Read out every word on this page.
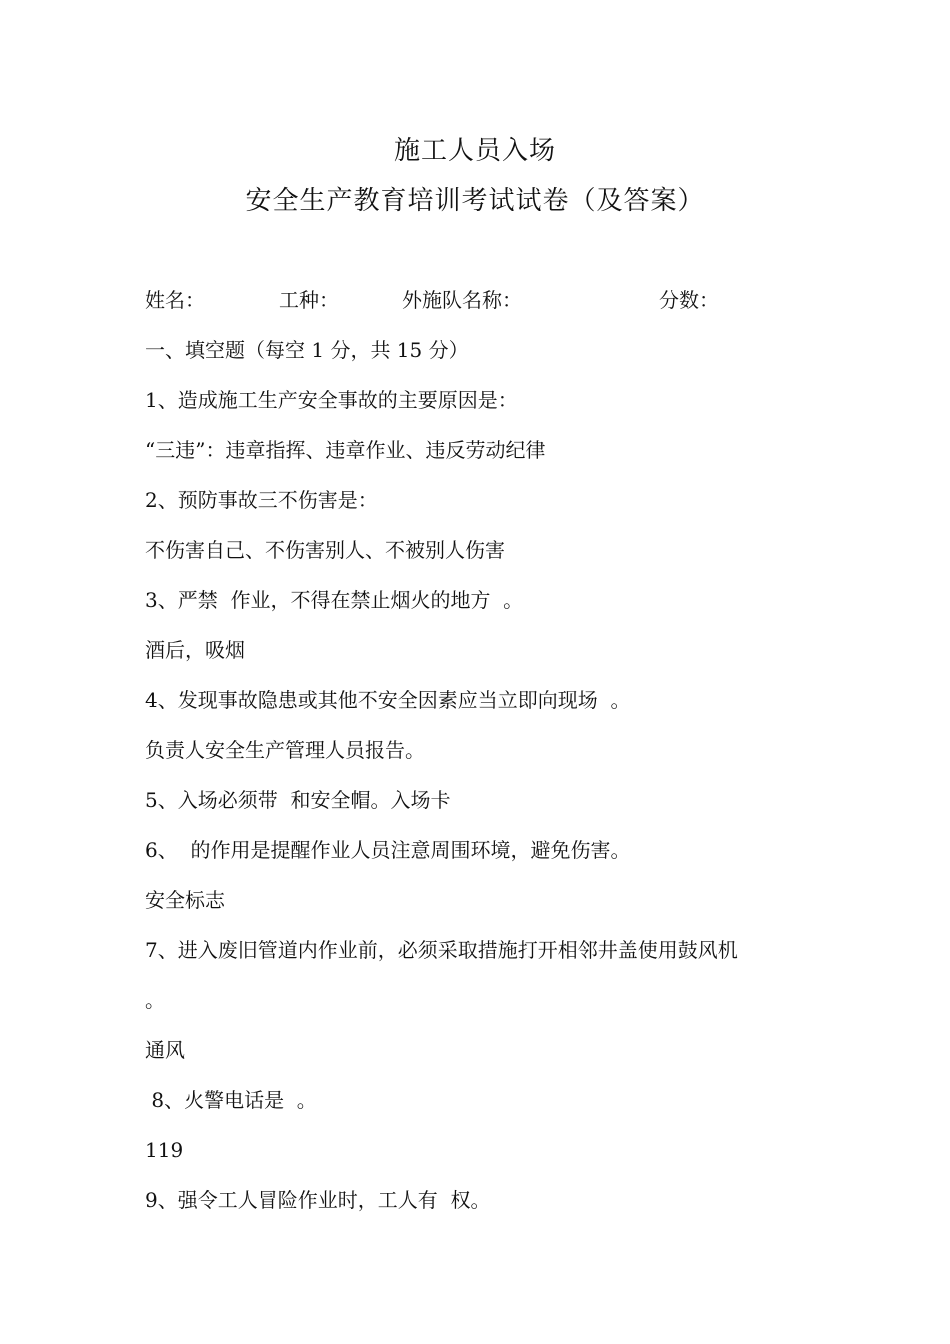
施工人员入场
安全生产教育培训考试试卷（及答案）
姓名：	工种：	外施队名称：	分数：
一、填空题（每空 1 分，共 15 分）
1、造成施工生产安全事故的主要原因是：
“三违”：违章指挥、违章作业、违反劳动纪律
2、预防事故三不伤害是：
不伤害自己、不伤害别人、不被别人伤害
3、严禁  作业，不得在禁止烟火的地方  。
酒后，吸烟
4、发现事故隐患或其他不安全因素应当立即向现场  。
负责人安全生产管理人员报告。
5、入场必须带  和安全帽。入场卡
6、  的作用是提醒作业人员注意周围环境，避免伤害。
安全标志
7、进入废旧管道内作业前，必须采取措施打开相邻井盖使用鼓风机
。
通风
8、火警电话是  。
119
9、强令工人冒险作业时，工人有  权。
